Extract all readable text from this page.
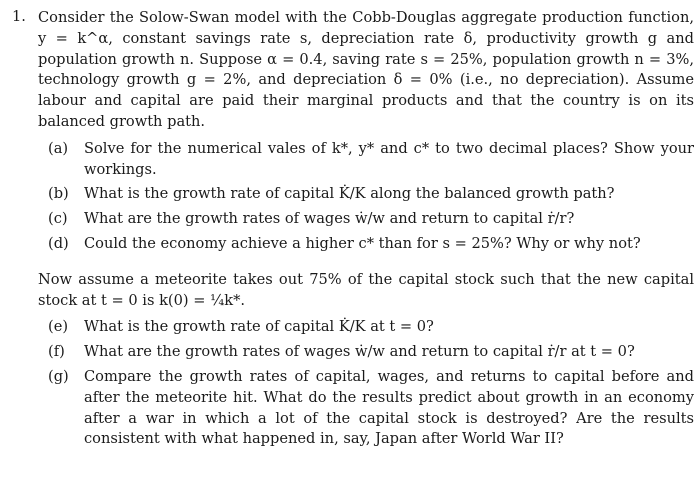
1. Consider the Solow-Swan model with the Cobb-Douglas aggregate production function, y = k^α, constant savings rate s, depreciation rate δ, productivity growth g and population growth n. Suppose α = 0.4, saving rate s = 25%, population growth n = 3%, technology growth g = 2%, and depreciation δ = 0% (i.e., no depreciation). Assume labour and capital are paid their marginal products and that the country is on its balanced growth path.
(a) Solve for the numerical vales of k*, y* and c* to two decimal places? Show your workings.
(b) What is the growth rate of capital K̇/K along the balanced growth path?
(c) What are the growth rates of wages ẇ/w and return to capital ṙ/r?
(d) Could the economy achieve a higher c* than for s = 25%? Why or why not?
Now assume a meteorite takes out 75% of the capital stock such that the new capital stock at t = 0 is k(0) = ¼k*.
(e) What is the growth rate of capital K̇/K at t = 0?
(f) What are the growth rates of wages ẇ/w and return to capital ṙ/r at t = 0?
(g) Compare the growth rates of capital, wages, and returns to capital before and after the meteorite hit. What do the results predict about growth in an economy after a war in which a lot of the capital stock is destroyed? Are the results consistent with what happened in, say, Japan after World War II?
